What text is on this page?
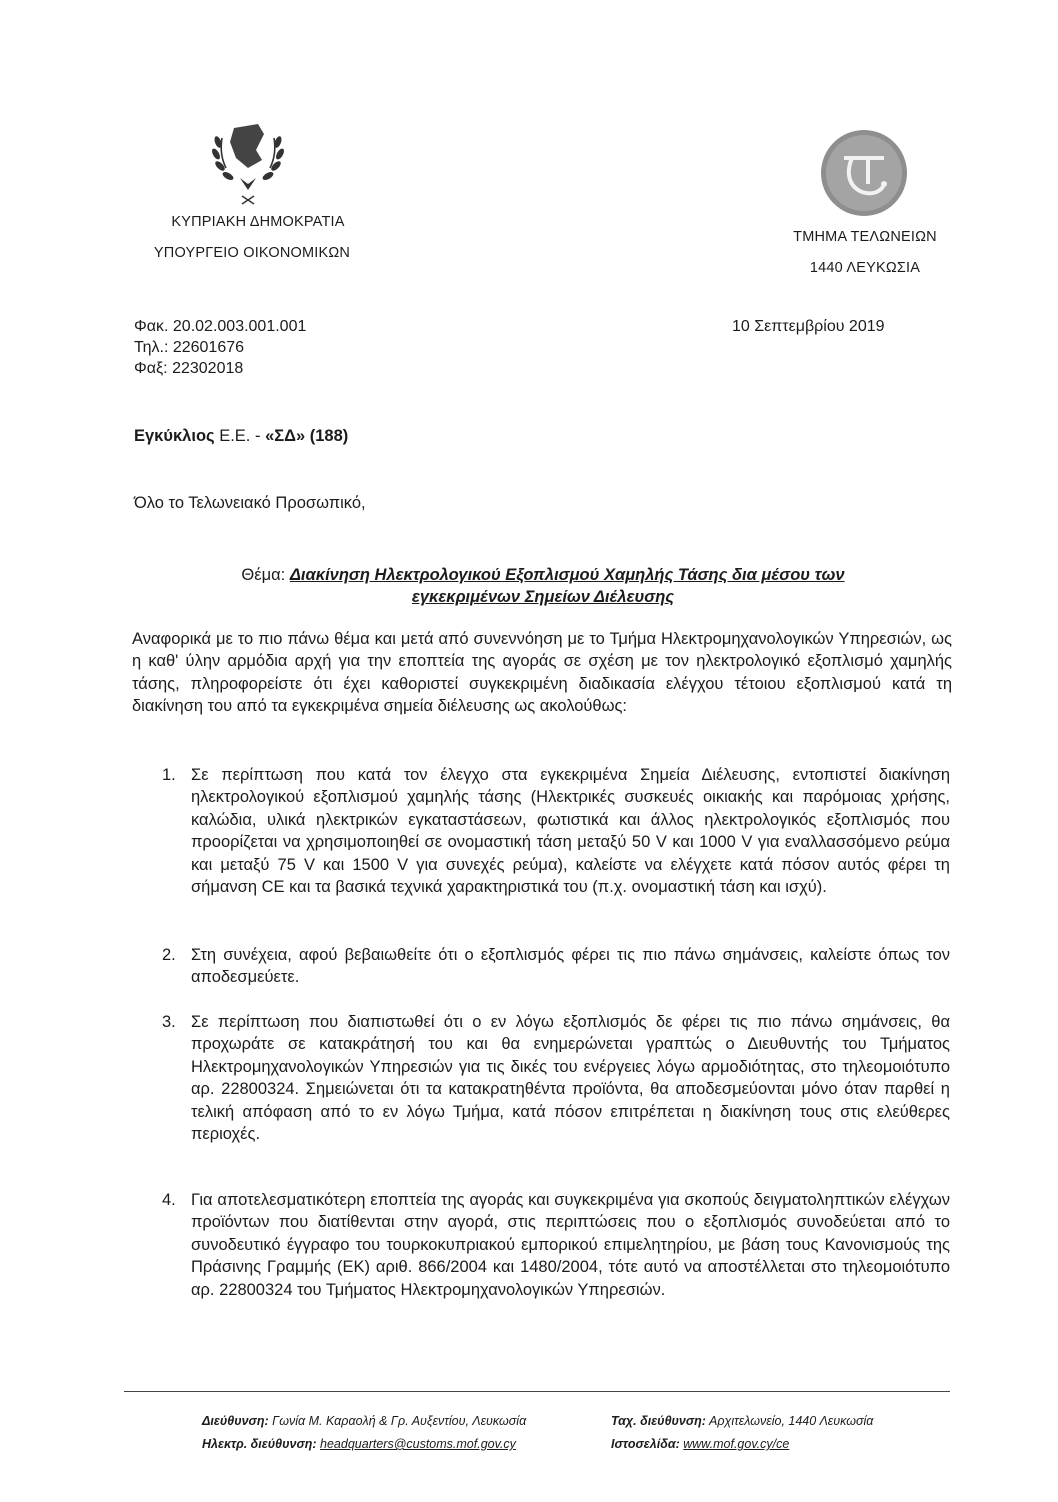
ΚΥΠΡΙΑΚΗ ΔΗΜΟΚΡΑΤΙΑ
ΥΠΟΥΡΓΕΙΟ ΟΙΚΟΝΟΜΙΚΩΝ
ΤΜΗΜΑ ΤΕΛΩΝΕΙΩΝ
1440 ΛΕΥΚΩΣΙΑ
Φακ. 20.02.003.001.001
Τηλ.: 22601676
Φαξ: 22302018
10 Σεπτεμβρίου 2019
Εγκύκλιος Ε.Ε. - «ΣΔ» (188)
Όλο το Τελωνειακό Προσωπικό,
Θέμα: Διακίνηση Ηλεκτρολογικού Εξοπλισμού Χαμηλής Τάσης δια μέσου των
εγκεκριμένων Σημείων Διέλευσης
Αναφορικά με το πιο πάνω θέμα και μετά από συνεννόηση με το Τμήμα Ηλεκτρομηχανολογικών Υπηρεσιών, ως η καθ' ύλην αρμόδια αρχή για την εποπτεία της αγοράς σε σχέση με τον ηλεκτρολογικό εξοπλισμό χαμηλής τάσης, πληροφορείστε ότι έχει καθοριστεί συγκεκριμένη διαδικασία ελέγχου τέτοιου εξοπλισμού κατά τη διακίνηση του από τα εγκεκριμένα σημεία διέλευσης ως ακολούθως:
1. Σε περίπτωση που κατά τον έλεγχο στα εγκεκριμένα Σημεία Διέλευσης, εντοπιστεί διακίνηση ηλεκτρολογικού εξοπλισμού χαμηλής τάσης (Ηλεκτρικές συσκευές οικιακής και παρόμοιας χρήσης, καλώδια, υλικά ηλεκτρικών εγκαταστάσεων, φωτιστικά και άλλος ηλεκτρολογικός εξοπλισμός που προορίζεται να χρησιμοποιηθεί σε ονομαστική τάση μεταξύ 50 V και 1000 V για εναλλασσόμενο ρεύμα και μεταξύ 75 V και 1500 V για συνεχές ρεύμα), καλείστε να ελέγχετε κατά πόσον αυτός φέρει τη σήμανση CE και τα βασικά τεχνικά χαρακτηριστικά του (π.χ. ονομαστική τάση και ισχύ).
2. Στη συνέχεια, αφού βεβαιωθείτε ότι ο εξοπλισμός φέρει τις πιο πάνω σημάνσεις, καλείστε όπως τον αποδεσμεύετε.
3. Σε περίπτωση που διαπιστωθεί ότι ο εν λόγω εξοπλισμός δε φέρει τις πιο πάνω σημάνσεις, θα προχωράτε σε κατακράτησή του και θα ενημερώνεται γραπτώς ο Διευθυντής του Τμήματος Ηλεκτρομηχανολογικών Υπηρεσιών για τις δικές του ενέργειες λόγω αρμοδιότητας, στο τηλεομοιότυπο αρ. 22800324. Σημειώνεται ότι τα κατακρατηθέντα προϊόντα, θα αποδεσμεύονται μόνο όταν παρθεί η τελική απόφαση από το εν λόγω Τμήμα, κατά πόσον επιτρέπεται η διακίνηση τους στις ελεύθερες περιοχές.
4. Για αποτελεσματικότερη εποπτεία της αγοράς και συγκεκριμένα για σκοπούς δειγματοληπτικών ελέγχων προϊόντων που διατίθενται στην αγορά, στις περιπτώσεις που ο εξοπλισμός συνοδεύεται από το συνοδευτικό έγγραφο του τουρκοκυπριακού εμπορικού επιμελητηρίου, με βάση τους Κανονισμούς της Πράσινης Γραμμής (ΕΚ) αριθ. 866/2004 και 1480/2004, τότε αυτό να αποστέλλεται στο τηλεομοιότυπο αρ. 22800324 του Τμήματος Ηλεκτρομηχανολογικών Υπηρεσιών.
Διεύθυνση: Γωνία Μ. Καραολή & Γρ. Αυξεντίου, Λευκωσία	Ταχ. διεύθυνση: Αρχιτελωνείο, 1440 Λευκωσία
Ηλεκτρ. διεύθυνση: headquarters@customs.mof.gov.cy	Ιστοσελίδα: www.mof.gov.cy/ce
